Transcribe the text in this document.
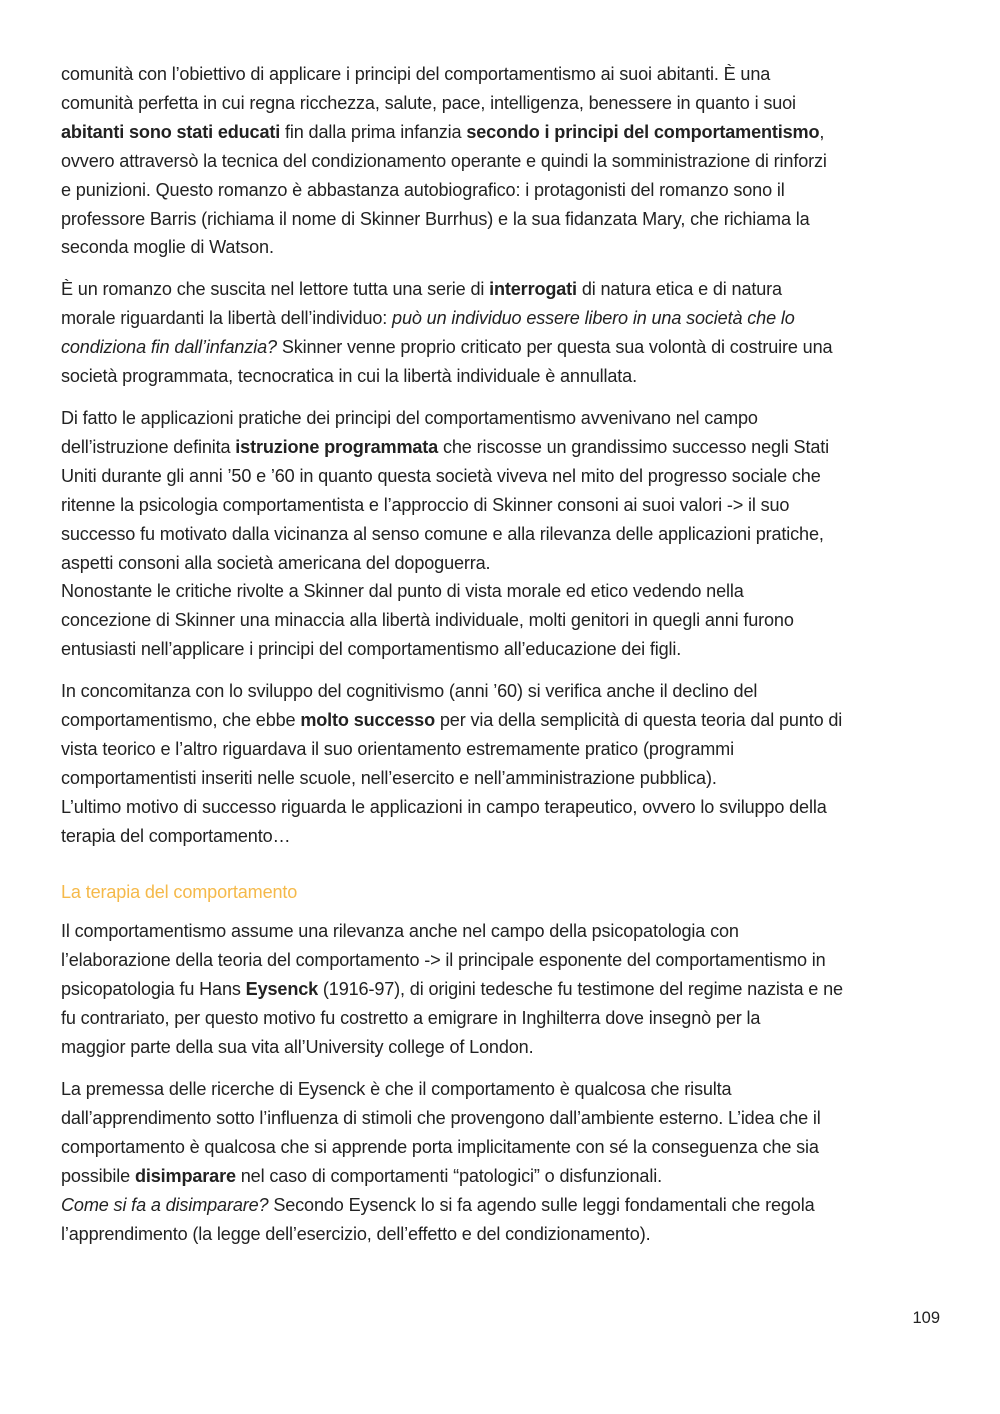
comunità con l’obiettivo di applicare i principi del comportamentismo ai suoi abitanti. È una
comunità perfetta in cui regna ricchezza, salute, pace, intelligenza, benessere in quanto i suoi
abitanti sono stati educati fin dalla prima infanzia secondo i principi del comportamentismo,
ovvero attraversò la tecnica del condizionamento operante e quindi la somministrazione di rinforzi
e punizioni. Questo romanzo è abbastanza autobiografico: i protagonisti del romanzo sono il
professore Barris (richiama il nome di Skinner Burrhus) e la sua fidanzata Mary, che richiama la
seconda moglie di Watson.

È un romanzo che suscita nel lettore tutta una serie di interrogati di natura etica e di natura
morale riguardanti la libertà dell’individuo: può un individuo essere libero in una società che lo
condiziona fin dall’infanzia? Skinner venne proprio criticato per questa sua volontà di costruire una
società programmata, tecnocratica in cui la libertà individuale è annullata.

Di fatto le applicazioni pratiche dei principi del comportamentismo avvenivano nel campo
dell’istruzione definita istruzione programmata che riscosse un grandissimo successo negli Stati
Uniti durante gli anni ’50 e ’60 in quanto questa società viveva nel mito del progresso sociale che
ritenne la psicologia comportamentista e l’approccio di Skinner consoni ai suoi valori -> il suo
successo fu motivato dalla vicinanza al senso comune e alla rilevanza delle applicazioni pratiche,
aspetti consoni alla società americana del dopoguerra.
Nonostante le critiche rivolte a Skinner dal punto di vista morale ed etico vedendo nella
concezione di Skinner una minaccia alla libertà individuale, molti genitori in quegli anni furono
entusiasti nell’applicare i principi del comportamentismo all’educazione dei figli.

In concomitanza con lo sviluppo del cognitivismo (anni ’60) si verifica anche il declino del
comportamentismo, che ebbe molto successo per via della semplicità di questa teoria dal punto di
vista teorico e l’altro riguardava il suo orientamento estremamente pratico (programmi
comportamentisti inseriti nelle scuole, nell’esercito e nell’amministrazione pubblica).
L’ultimo motivo di successo riguarda le applicazioni in campo terapeutico, ovvero lo sviluppo della
terapia del comportamento…

La terapia del comportamento

Il comportamentismo assume una rilevanza anche nel campo della psicopatologia con
l’elaborazione della teoria del comportamento -> il principale esponente del comportamentismo in
psicopatologia fu Hans Eysenck (1916-97), di origini tedesche fu testimone del regime nazista e ne
fu contrariato, per questo motivo fu costretto a emigrare in Inghilterra dove insegnò per la
maggior parte della sua vita all’University college of London.

La premessa delle ricerche di Eysenck è che il comportamento è qualcosa che risulta
dall’apprendimento sotto l’influenza di stimoli che provengono dall’ambiente esterno. L’idea che il
comportamento è qualcosa che si apprende porta implicitamente con sé la conseguenza che sia
possibile disimparare nel caso di comportamenti “patologici” o disfunzionali.
Come si fa a disimparare? Secondo Eysenck lo si fa agendo sulle leggi fondamentali che regola
l’apprendimento (la legge dell’esercizio, dell’effetto e del condizionamento).

109
